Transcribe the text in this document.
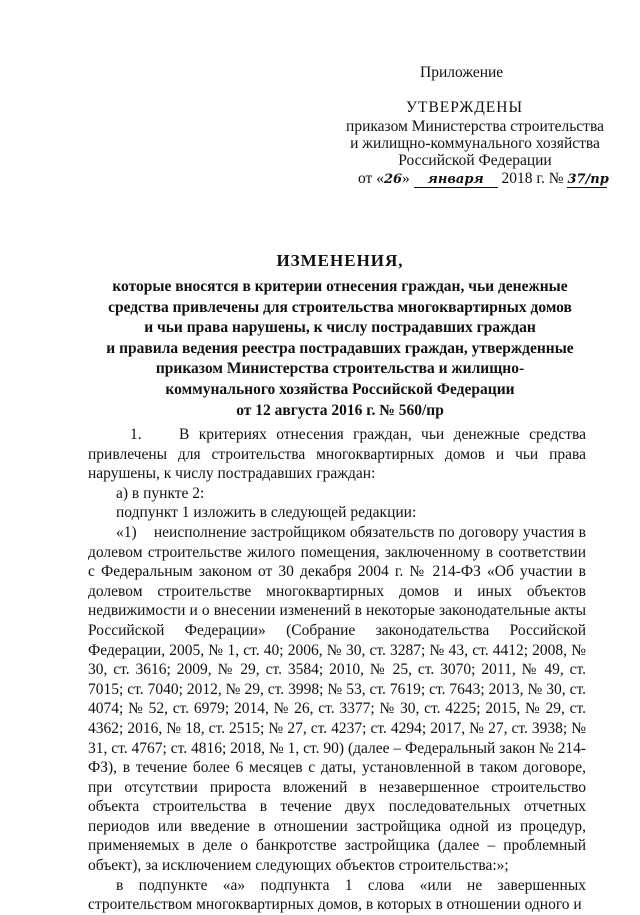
Приложение
УТВЕРЖДЕНЫ
приказом Министерства строительства
и жилищно-коммунального хозяйства
Российской Федерации
от «26» января 2018 г. № 37/пр
ИЗМЕНЕНИЯ,
которые вносятся в критерии отнесения граждан, чьи денежные
средства привлечены для строительства многоквартирных домов
и чьи права нарушены, к числу пострадавших граждан
и правила ведения реестра пострадавших граждан, утвержденные
приказом Министерства строительства и жилищно-
коммунального хозяйства Российской Федерации
от 12 августа 2016 г. № 560/пр

1.    В критериях отнесения граждан, чьи денежные средства привлечены для строительства многоквартирных домов и чьи права нарушены, к числу пострадавших граждан:

а) в пункте 2:

подпункт 1 изложить в следующей редакции:

«1)    неисполнение застройщиком обязательств по договору участия в долевом строительстве жилого помещения, заключенному в соответствии с Федеральным законом от 30 декабря 2004 г. № 214-ФЗ «Об участии в долевом строительстве многоквартирных домов и иных объектов недвижимости и о внесении изменений в некоторые законодательные акты Российской Федерации» (Собрание законодательства Российской Федерации, 2005, № 1, ст. 40; 2006, № 30, ст. 3287; № 43, ст. 4412; 2008, № 30, ст. 3616; 2009, № 29, ст. 3584; 2010, № 25, ст. 3070; 2011, № 49, ст. 7015; ст. 7040; 2012, № 29, ст. 3998; № 53, ст. 7619; ст. 7643; 2013, № 30, ст. 4074; № 52, ст. 6979; 2014, № 26, ст. 3377; № 30, ст. 4225; 2015, № 29, ст. 4362; 2016, № 18, ст. 2515; № 27, ст. 4237; ст. 4294; 2017, № 27, ст. 3938; № 31, ст. 4767; ст. 4816; 2018, № 1, ст. 90) (далее – Федеральный закон № 214-ФЗ), в течение более 6 месяцев с даты, установленной в таком договоре, при отсутствии прироста вложений в незавершенное строительство объекта строительства в течение двух последовательных отчетных периодов или введение в отношении застройщика одной из процедур, применяемых в деле о банкротстве застройщика (далее – проблемный объект), за исключением следующих объектов строительства:»;

в подпункте «а» подпункта 1 слова «или не завершенных строительством многоквартирных домов, в которых в отношении одного и
